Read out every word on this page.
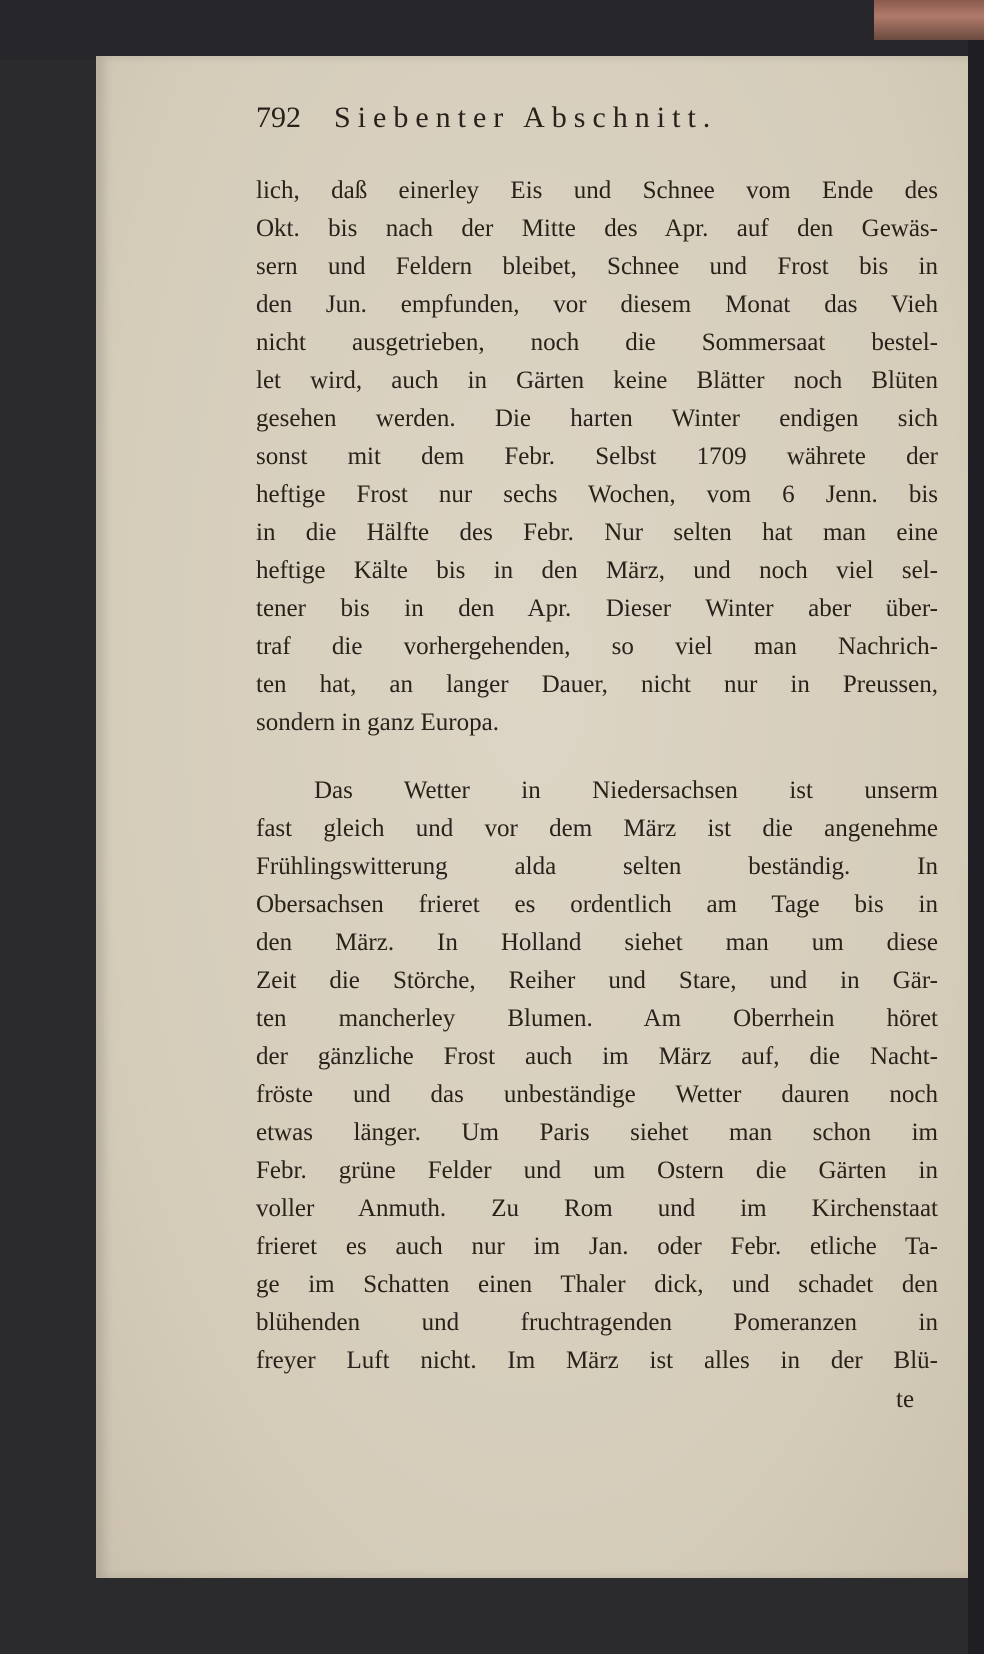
792 Siebenter Abschnitt.
lich, daß einerley Eis und Schnee vom Ende des
Okt. bis nach der Mitte des Apr. auf den Gewäs-
sern und Feldern bleibet, Schnee und Frost bis in
den Jun. empfunden, vor diesem Monat das Vieh
nicht ausgetrieben, noch die Sommersaat bestel-
let wird, auch in Gärten keine Blätter noch Blüten
gesehen werden. Die harten Winter endigen sich
sonst mit dem Febr. Selbst 1709 währete der
heftige Frost nur sechs Wochen, vom 6 Jenn. bis
in die Hälfte des Febr. Nur selten hat man eine
heftige Kälte bis in den März, und noch viel sel-
tener bis in den Apr. Dieser Winter aber über-
traf die vorhergehenden, so viel man Nachrich-
ten hat, an langer Dauer, nicht nur in Preussen,
sondern in ganz Europa.
Das Wetter in Niedersachsen ist unserm
fast gleich und vor dem März ist die angenehme
Frühlingswitterung alda selten beständig. In
Obersachsen frieret es ordentlich am Tage bis in
den März. In Holland siehet man um diese
Zeit die Störche, Reiher und Stare, und in Gär-
ten mancherley Blumen. Am Oberrhein höret
der gänzliche Frost auch im März auf, die Nacht-
fröste und das unbeständige Wetter dauren noch
etwas länger. Um Paris siehet man schon im
Febr. grüne Felder und um Ostern die Gärten in
voller Anmuth. Zu Rom und im Kirchenstaat
frieret es auch nur im Jan. oder Febr. etliche Ta-
ge im Schatten einen Thaler dick, und schadet den
blühenden und fruchtragenden Pomeranzen in
freyer Luft nicht. Im März ist alles in der Blü-
te
